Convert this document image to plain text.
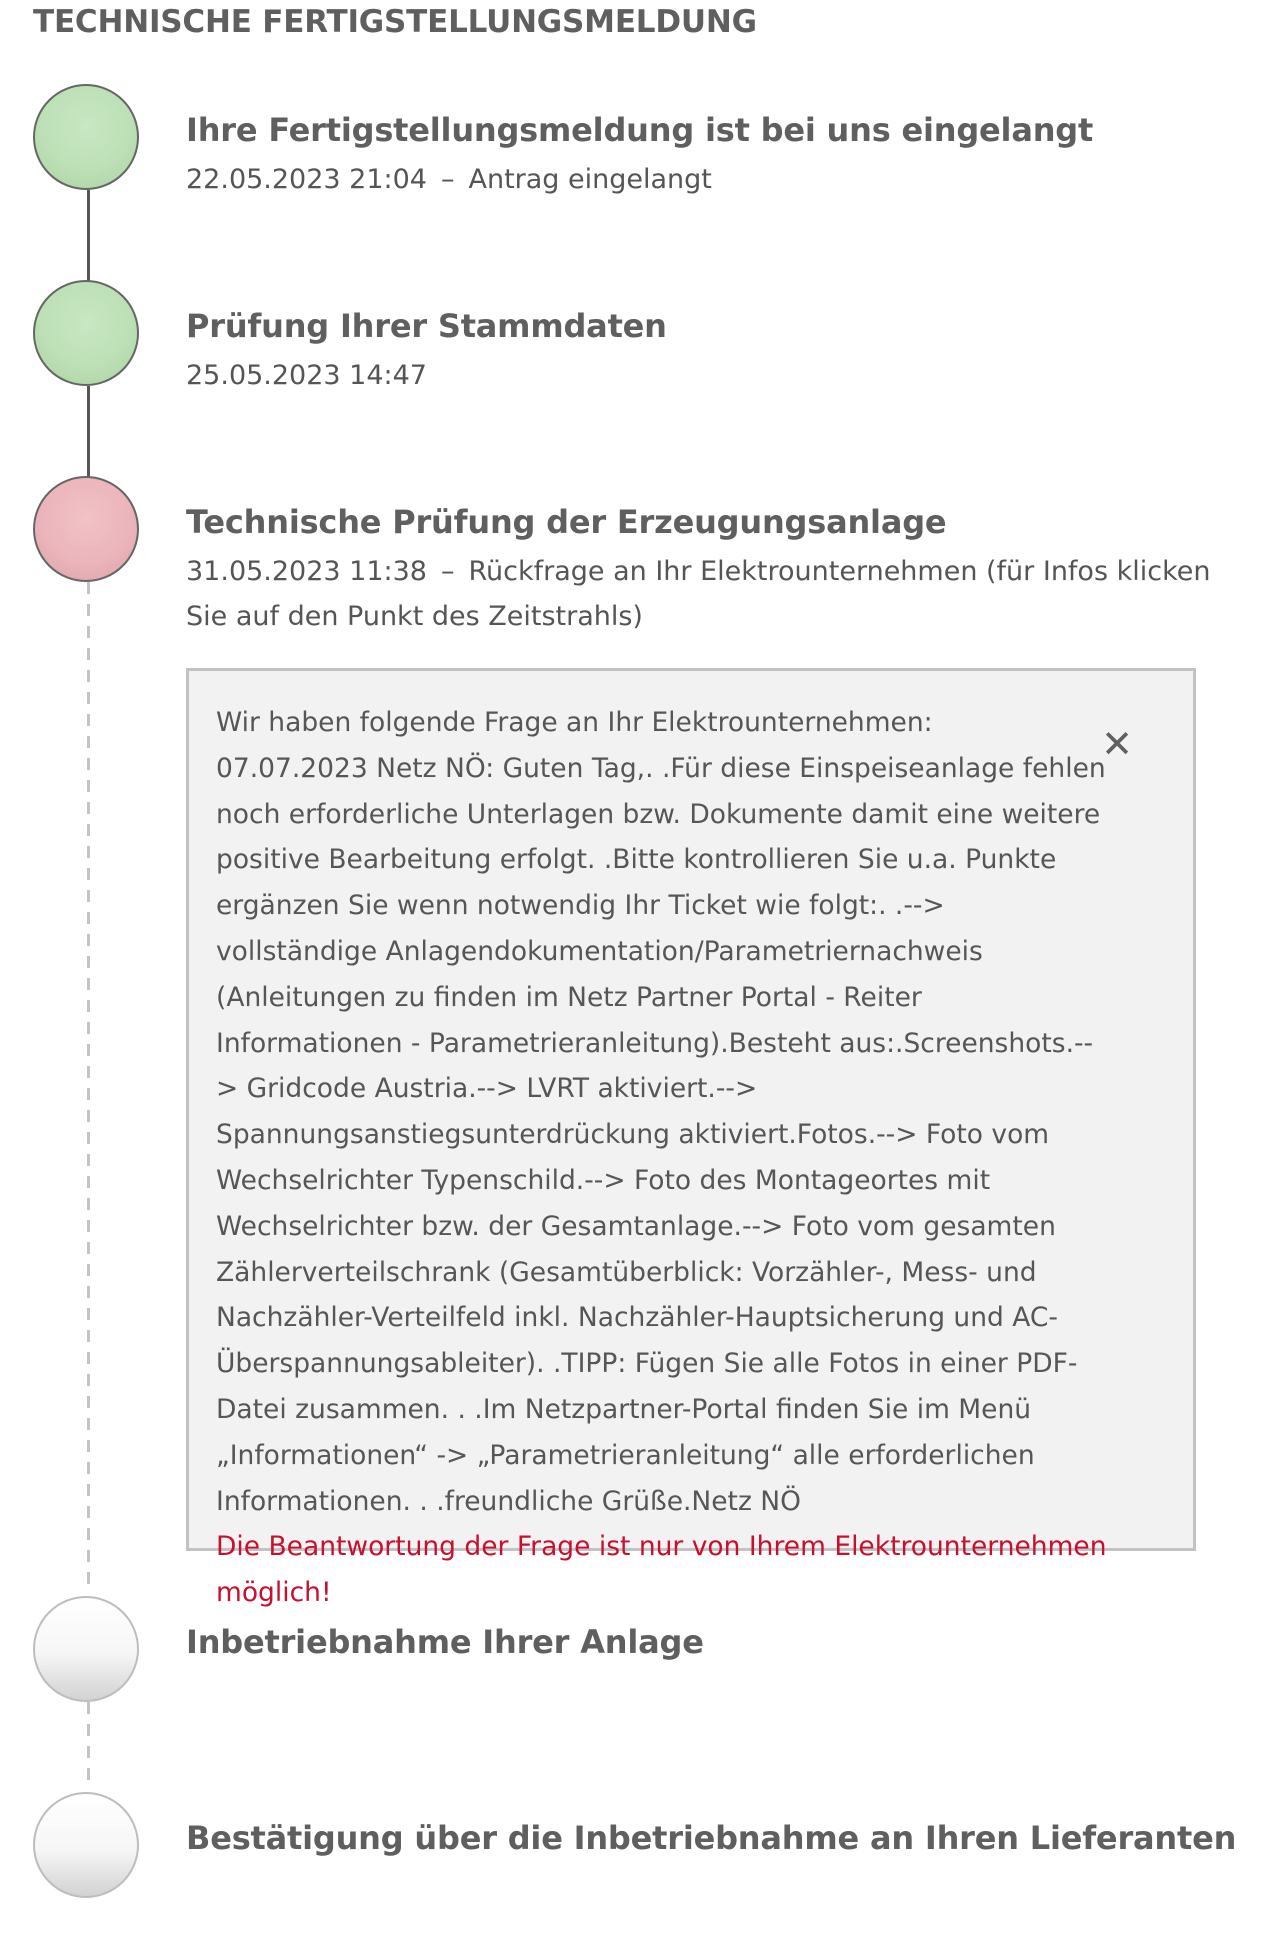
TECHNISCHE FERTIGSTELLUNGSMELDUNG
Ihre Fertigstellungsmeldung ist bei uns eingelangt
22.05.2023 21:04 – Antrag eingelangt
Prüfung Ihrer Stammdaten
25.05.2023 14:47
Technische Prüfung der Erzeugungsanlage
31.05.2023 11:38 – Rückfrage an Ihr Elektrounternehmen (für Infos klicken Sie auf den Punkt des Zeitstrahls)
✕
Wir haben folgende Frage an Ihr Elektrounternehmen:
07.07.2023 Netz NÖ: Guten Tag,. .Für diese Einspeiseanlage fehlen noch erforderliche Unterlagen bzw. Dokumente damit eine weitere positive Bearbeitung erfolgt. .Bitte kontrollieren Sie u.a. Punkte ergänzen Sie wenn notwendig Ihr Ticket wie folgt:. .--> vollständige Anlagendokumentation/Parametriernachweis (Anleitungen zu finden im Netz Partner Portal - Reiter Informationen - Parametrieranleitung).Besteht aus:.Screenshots.--> Gridcode Austria.--> LVRT aktiviert.--> Spannungsanstiegsunterdrückung aktiviert.Fotos.--> Foto vom Wechselrichter Typenschild.--> Foto des Montageortes mit Wechselrichter bzw. der Gesamtanlage.--> Foto vom gesamten Zählerverteilschrank (Gesamtüberblick: Vorzähler-, Mess- und Nachzähler-Verteilfeld inkl. Nachzähler-Hauptsicherung und AC-Überspannungsableiter). .TIPP: Fügen Sie alle Fotos in einer PDF-Datei zusammen. . .Im Netzpartner-Portal finden Sie im Menü „Informationen“ -> „Parametrieranleitung“ alle erforderlichen Informationen. . .freundliche Grüße.Netz NÖ
Die Beantwortung der Frage ist nur von Ihrem Elektrounternehmen möglich!
Inbetriebnahme Ihrer Anlage
Bestätigung über die Inbetriebnahme an Ihren Lieferanten
